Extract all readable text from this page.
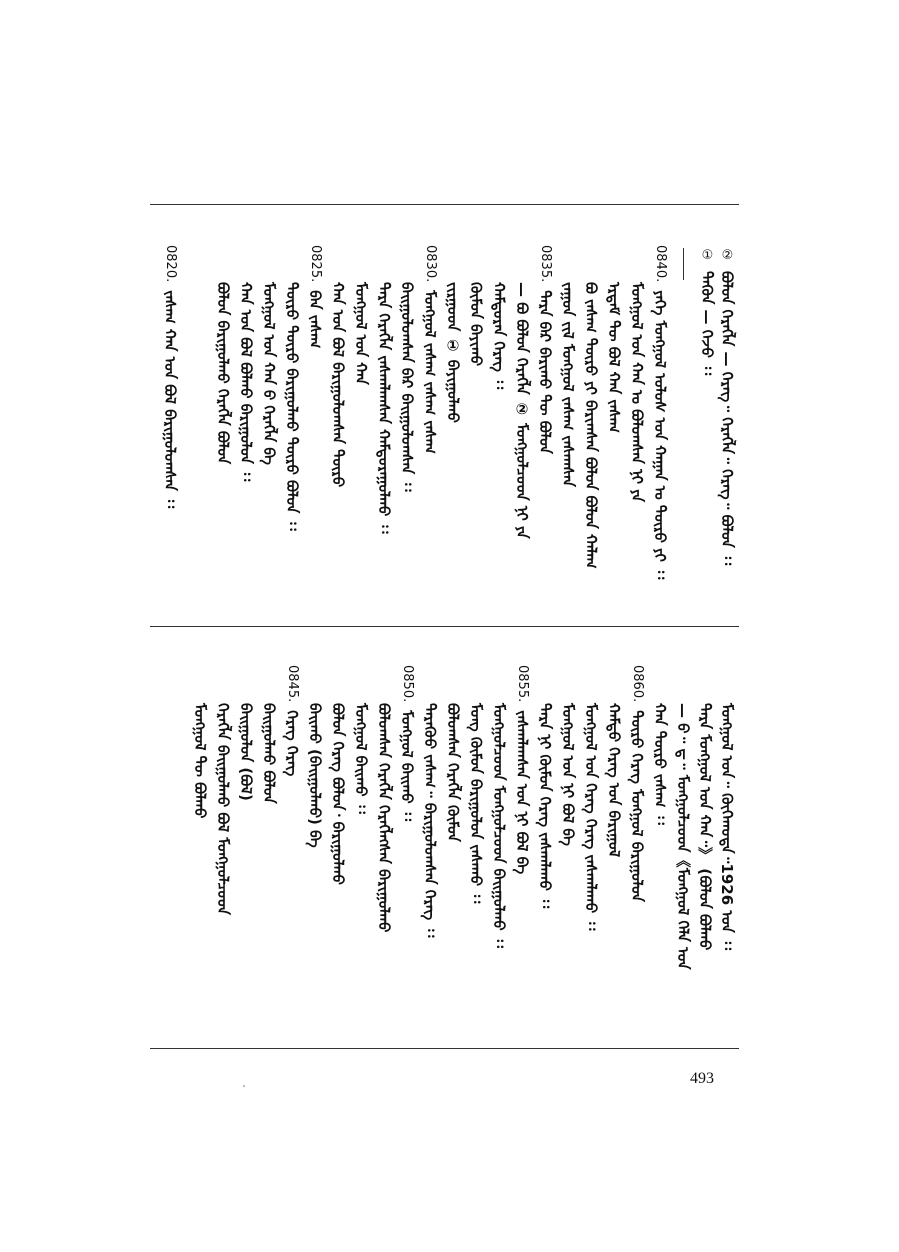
②ᠪᠣᠯᠤᠨ ᠬᠡᠷᠡᠭᠯᠡ — ᠬᠡᠷᠡᠭ᠃ ᠬᠡᠷᠡᠭᠯᠡ᠃ ᠬᠡᠷᠡᠭ᠃ ᠪᠣᠯᠣᠨ ᠄᠄
①ᠲᠡᠭᠦᠨ — ᠭᠡᠵᠦ ᠄᠄
0840.ᠶᠡᠬᠡ ᠮᠣᠩᠭᠣᠯ ᠤᠯᠤᠰ ᠤᠨ ᠬᠠᠭᠠᠨ ᠤ ᠲᠦᠷᠦ ᠶᠢ ᠄᠄
ᠮᠣᠩᠭᠣᠯ ᠤᠨ ᠬᠠᠨ ᠤ ᠪᠣᠯᠤᠭᠰᠠᠨ ᠨᠢ ᠶᠠ
ᠡᠷᠳᠡᠮ ᠲᠦ ᠪᠣᠯ ᠬᠠᠨ ᠵᠠᠰᠠᠭ
ᠪᠣ ᠵᠠᠰᠠᠭ ᠲᠦᠷᠦ ᠶᠢ ᠪᠠᠷᠢᠭᠰᠠᠨ ᠪᠣᠯᠤᠨ ᠪᠣᠯᠤᠨ ᠬᠠᠯᠠᠭ
ᠵᠠᠭᠤᠨ ᠵᠢᠯ ᠮᠣᠩᠭᠣᠯ ᠵᠠᠰᠠᠭ ᠵᠠᠰᠠᠭᠰᠠᠨ
0835.ᠲᠡᠷᠡ ᠪᠡᠷ ᠪᠠᠷᠢᠬᠤ ᠲᠦ ᠪᠣᠯᠤᠨ
— ᠪᠣ ᠪᠣᠯᠤᠨ ᠬᠡᠷᠡᠭᠯᠡ ② ᠮᠣᠩᠭᠣᠯᠴᠤᠳ ᠨᠢ ᠶᠠ
ᠬᠠᠮᠲᠤᠷᠠᠨ ᠬᠡᠷᠡᠭ ᠄᠄
ᠬᠦᠮᠦᠨ ᠪᠠᠶᠢᠬᠤ
ᠵᠢᠷᠭᠤᠳ ① ᠪᠠᠶᠢᠭᠤᠯᠬᠤ
0830.ᠮᠣᠩᠭᠣᠯ ᠵᠠᠰᠠᠭ ᠵᠠᠰᠠᠭ ᠵᠠᠰᠠᠭ
ᠪᠠᠢᠭᠤᠯᠤᠭᠰᠠᠨ ᠪᠠᠷ ᠪᠠᠢᠭᠤᠯᠤᠭᠰᠠᠨ ᠄᠄
ᠲᠡᠷᠡ ᠬᠡᠷᠡᠭᠯᠡ ᠵᠠᠰᠠᠭᠯᠠᠭᠰᠠᠨ ᠬᠠᠮᠲᠤᠷᠠᠭᠤᠯᠬᠤ ᠄᠄
ᠮᠣᠩᠭᠣᠯ ᠤᠨ ᠬᠠᠨ
ᠬᠠᠨ ᠤᠨ ᠪᠣᠯ ᠪᠠᠷᠢᠭᠤᠯᠤᠭᠰᠠᠨ ᠲᠦᠷᠦ
0825.ᠪᠠᠨ ᠵᠠᠰᠠᠭ
ᠲᠦᠷᠦ ᠲᠦᠷᠦ ᠪᠠᠷᠢᠭᠤᠯᠬᠤ ᠲᠦᠷᠦ ᠪᠣᠯᠤᠨ ᠄᠄
ᠮᠣᠩᠭᠣᠯ ᠤᠨ ᠬᠠᠨ ᠪ ᠬᠡᠷᠡᠭᠯᠡ ᠪᠠ
ᠬᠠᠨ ᠤᠨ ᠪᠣᠯ ᠪᠣᠯᠬᠤ ᠪᠠᠷᠢᠭᠤᠯᠤᠨ ᠄᠄
ᠪᠣᠯᠣᠨ ᠪᠠᠷᠢᠭᠤᠯᠬᠤ ᠬᠡᠷᠡᠭᠯᠡ ᠪᠣᠯᠣᠨ
0820.ᠵᠠᠰᠠᠭ ᠬᠠᠨ ᠤᠨ ᠪᠣᠯ ᠪᠠᠷᠢᠭᠤᠯᠤᠭᠰᠠᠨ ᠄᠄
ᠮᠣᠩᠭᠣᠯ ᠤᠨ᠃ ᠬᠦᠭᠡᠬᠣᠲᠠ᠃1926 ᠣᠨ ᠄᠄
ᠲᠡᠷᠡ ᠮᠣᠩᠭᠣᠯ ᠤᠨ ᠬᠠᠨ᠃》 (ᠪᠣᠯᠣᠨ ᠪᠣᠯᠬᠤ
— ᠪ᠃ ᠳ᠃ ᠮᠣᠩᠭᠣᠯᠴᠤᠳ《ᠮᠣᠩᠭᠣᠯ ᠬᠡᠯᠡ ᠤᠨ
ᠬᠠᠨ ᠲᠦᠷᠦ ᠵᠠᠰᠠᠭ ᠄᠄
0860.ᠲᠦᠷᠦ ᠬᠡᠷᠡᠭ ᠮᠣᠩᠭᠣᠯ ᠪᠠᠷᠢᠭᠤᠯᠤᠨ
ᠬᠠᠮᠲᠤ ᠬᠡᠷᠡᠭ ᠤᠨ ᠪᠠᠷᠢᠭᠤᠯ
ᠮᠣᠩᠭᠣᠯ ᠤᠨ ᠬᠡᠷᠡᠭ ᠬᠡᠷᠡᠭ ᠵᠠᠰᠠᠭᠯᠠᠬᠤ ᠄᠄
ᠮᠣᠩᠭᠣᠯ ᠤᠨ ᠨᠢ ᠪᠣᠯ ᠪᠠ
ᠲᠡᠷᠡ ᠨᠢ ᠬᠦᠮᠦᠨ ᠬᠡᠷᠡᠭ ᠵᠠᠰᠠᠭᠯᠠᠬᠤ ᠄᠄
0855.ᠵᠠᠰᠠᠭᠯᠠᠭᠰᠠᠨ ᠤᠨ ᠨᠢ ᠪᠣᠯ ᠪᠠ
ᠮᠣᠩᠭᠣᠯᠴᠤᠳ ᠮᠣᠩᠭᠣᠯᠴᠤᠳ ᠪᠠᠢᠭᠤᠯᠬᠤ ᠄᠄
ᠮᠣᠩ ᠬᠦᠮᠦᠨ ᠪᠠᠷᠢᠭᠤᠯᠤᠨ ᠵᠠᠰᠠᠬᠤ ᠄᠄
ᠪᠣᠯᠣᠭᠰᠠᠨ ᠬᠡᠷᠡᠭᠯᠡ ᠬᠦᠮᠦᠨ
ᠲᠡᠷᠡᠭᠦᠦ ᠵᠠᠰᠠᠭ᠃ ᠪᠠᠷᠢᠭᠤᠯᠤᠭᠰᠠᠨ ᠬᠡᠷᠡᠭ ᠄᠄
0850.ᠮᠣᠩᠭᠣᠯ ᠪᠠᠢᠬᠤ ᠄᠄
ᠪᠣᠯᠣᠭᠰᠠᠨ ᠬᠡᠷᠡᠭᠯᠡ ᠬᠡᠷᠡᠭᠯᠡᠭᠰᠡᠨ ᠪᠠᠷᠢᠭᠤᠯᠬᠤ
ᠮᠣᠩᠭᠣᠯ ᠪᠠᠢᠬᠤ ᠄᠄
ᠪᠣᠯᠣᠨ ᠬᠡᠷᠡᠭ ᠪᠣᠯᠣᠨ᠂ ᠪᠠᠷᠢᠭᠤᠯᠬᠤ
ᠪᠠᠢᠬᠤ (ᠪᠠᠢᠭᠤᠯᠬᠤ) ᠪᠠ
0845.ᠬᠡᠷᠡᠭ ᠬᠡᠷᠡᠭ
ᠪᠠᠢᠭᠤᠯᠬᠤ ᠪᠣᠯᠣᠨ
ᠪᠠᠢᠭᠤᠯᠤᠨ (ᠪᠣᠯ)
ᠬᠡᠷᠡᠭᠯᠡ ᠪᠠᠢᠭᠤᠯᠬᠤ ᠪᠣᠯ ᠮᠣᠩᠭᠣᠯᠴᠤᠳ
ᠮᠣᠩᠭᠣᠯ ᠲᠦ ᠪᠣᠯᠬᠤ
493
